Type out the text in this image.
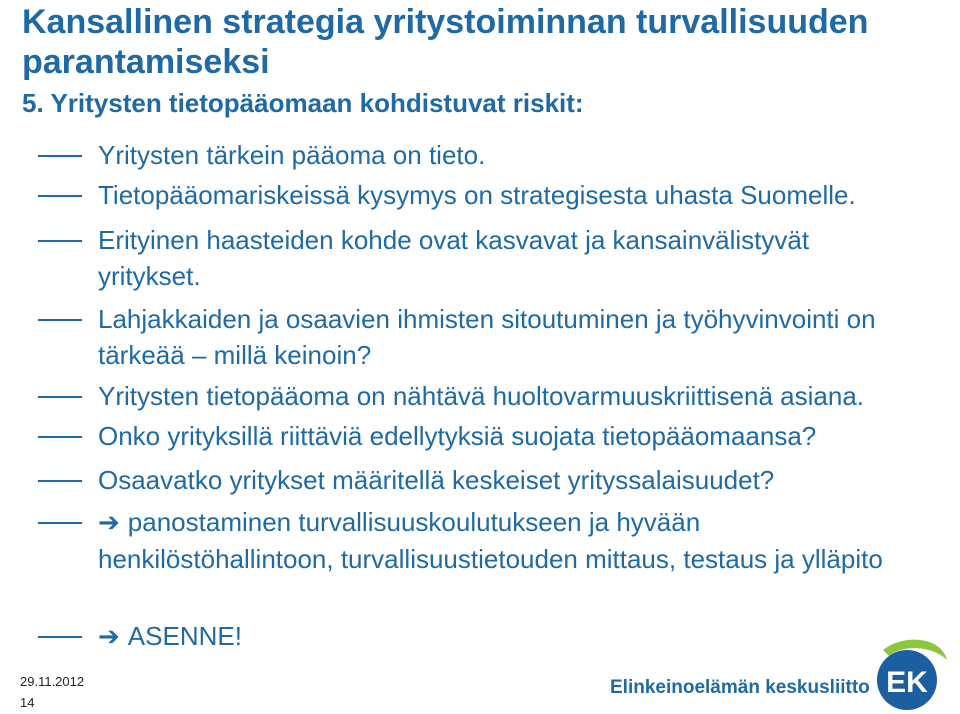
Kansallinen strategia yritystoiminnan turvallisuuden parantamiseksi
5. Yritysten tietopääomaan kohdistuvat riskit:
Yritysten tärkein pääoma on tieto.
Tietopääomariskeissä kysymys on strategisesta uhasta Suomelle.
Erityinen haasteiden kohde ovat kasvavat ja kansainvälistyvät yritykset.
Lahjakkaiden ja osaavien ihmisten sitoutuminen ja työhyvinvointi on tärkeää – millä keinoin?
Yritysten tietopääoma on nähtävä huoltovarmuuskriittisenä asiana.
Onko yrityksillä riittäviä edellytyksiä suojata tietopääomaansa?
Osaavatko yritykset määritellä keskeiset yrityssalaisuudet?
➔ panostaminen turvallisuuskoulutukseen ja hyvään henkilöstöhallintoon, turvallisuustietouden mittaus, testaus ja ylläpito
➔ ASENNE!
29.11.2012
14
Elinkeinoelämän keskusliitto EK
